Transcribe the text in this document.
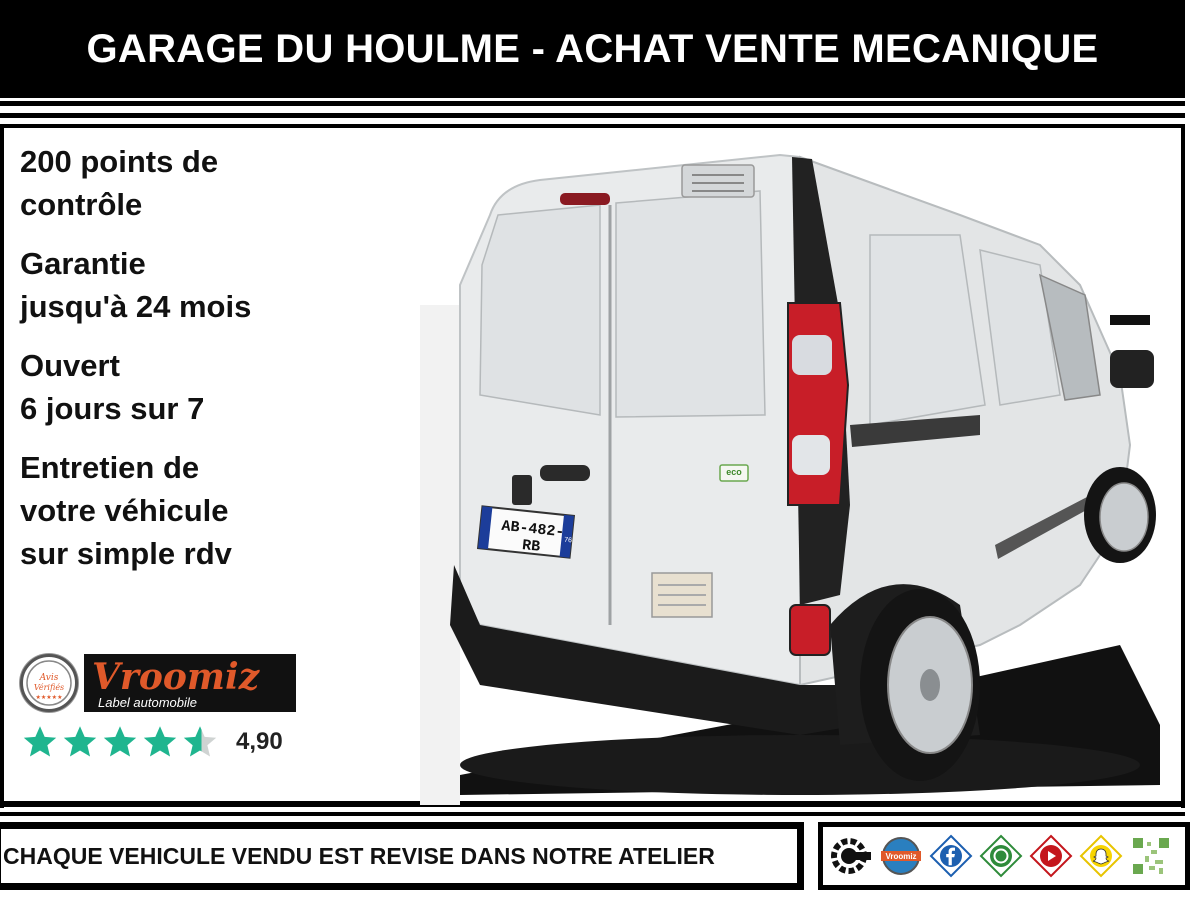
GARAGE DU HOULME - ACHAT VENTE MECANIQUE
200 points de
contrôle
Garantie
jusqu'à 24 mois
Ouvert
6 jours sur 7
Entretien de
votre véhicule
sur simple rdv
Avis
Vérifiés
★★★★★ Vroomiz
Label automobile
4,90
AB-482-RB	76
eco
CHAQUE VEHICULE VENDU EST REVISE DANS NOTRE ATELIER	Vroomiz
